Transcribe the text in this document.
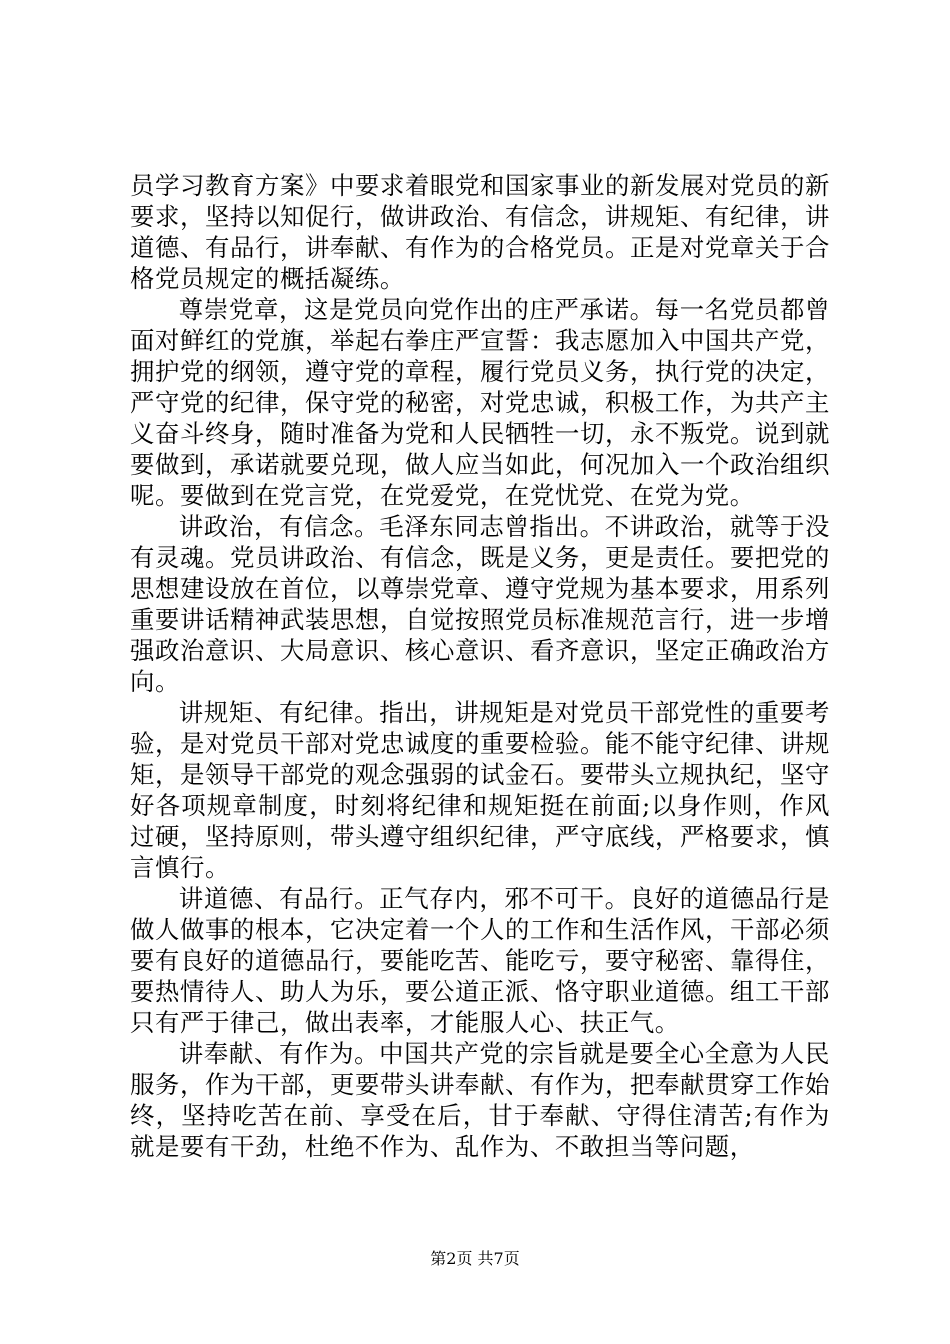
员学习教育方案》中要求着眼党和国家事业的新发展对党员的新要求，坚持以知促行，做讲政治、有信念，讲规矩、有纪律，讲道德、有品行，讲奉献、有作为的合格党员。正是对党章关于合格党员规定的概括凝练。

尊崇党章，这是党员向党作出的庄严承诺。每一名党员都曾面对鲜红的党旗，举起右拳庄严宣誓：我志愿加入中国共产党，拥护党的纲领，遵守党的章程，履行党员义务，执行党的决定，严守党的纪律，保守党的秘密，对党忠诚，积极工作，为共产主义奋斗终身，随时准备为党和人民牺牲一切，永不叛党。说到就要做到，承诺就要兑现，做人应当如此，何况加入一个政治组织呢。要做到在党言党，在党爱党，在党忧党、在党为党。

讲政治，有信念。毛泽东同志曾指出。不讲政治，就等于没有灵魂。党员讲政治、有信念，既是义务，更是责任。要把党的思想建设放在首位，以尊崇党章、遵守党规为基本要求，用系列重要讲话精神武装思想，自觉按照党员标准规范言行，进一步增强政治意识、大局意识、核心意识、看齐意识，坚定正确政治方向。

讲规矩、有纪律。指出，讲规矩是对党员干部党性的重要考验，是对党员干部对党忠诚度的重要检验。能不能守纪律、讲规矩，是领导干部党的观念强弱的试金石。要带头立规执纪，坚守好各项规章制度，时刻将纪律和规矩挺在前面;以身作则，作风过硬，坚持原则，带头遵守组织纪律，严守底线，严格要求，慎言慎行。

讲道德、有品行。正气存内，邪不可干。良好的道德品行是做人做事的根本，它决定着一个人的工作和生活作风，干部必须要有良好的道德品行，要能吃苦、能吃亏，要守秘密、靠得住，要热情待人、助人为乐，要公道正派、恪守职业道德。组工干部只有严于律己，做出表率，才能服人心、扶正气。

讲奉献、有作为。中国共产党的宗旨就是要全心全意为人民服务，作为干部，更要带头讲奉献、有作为，把奉献贯穿工作始终，坚持吃苦在前、享受在后，甘于奉献、守得住清苦;有作为就是要有干劲，杜绝不作为、乱作为、不敢担当等问题，

第2页 共7页
